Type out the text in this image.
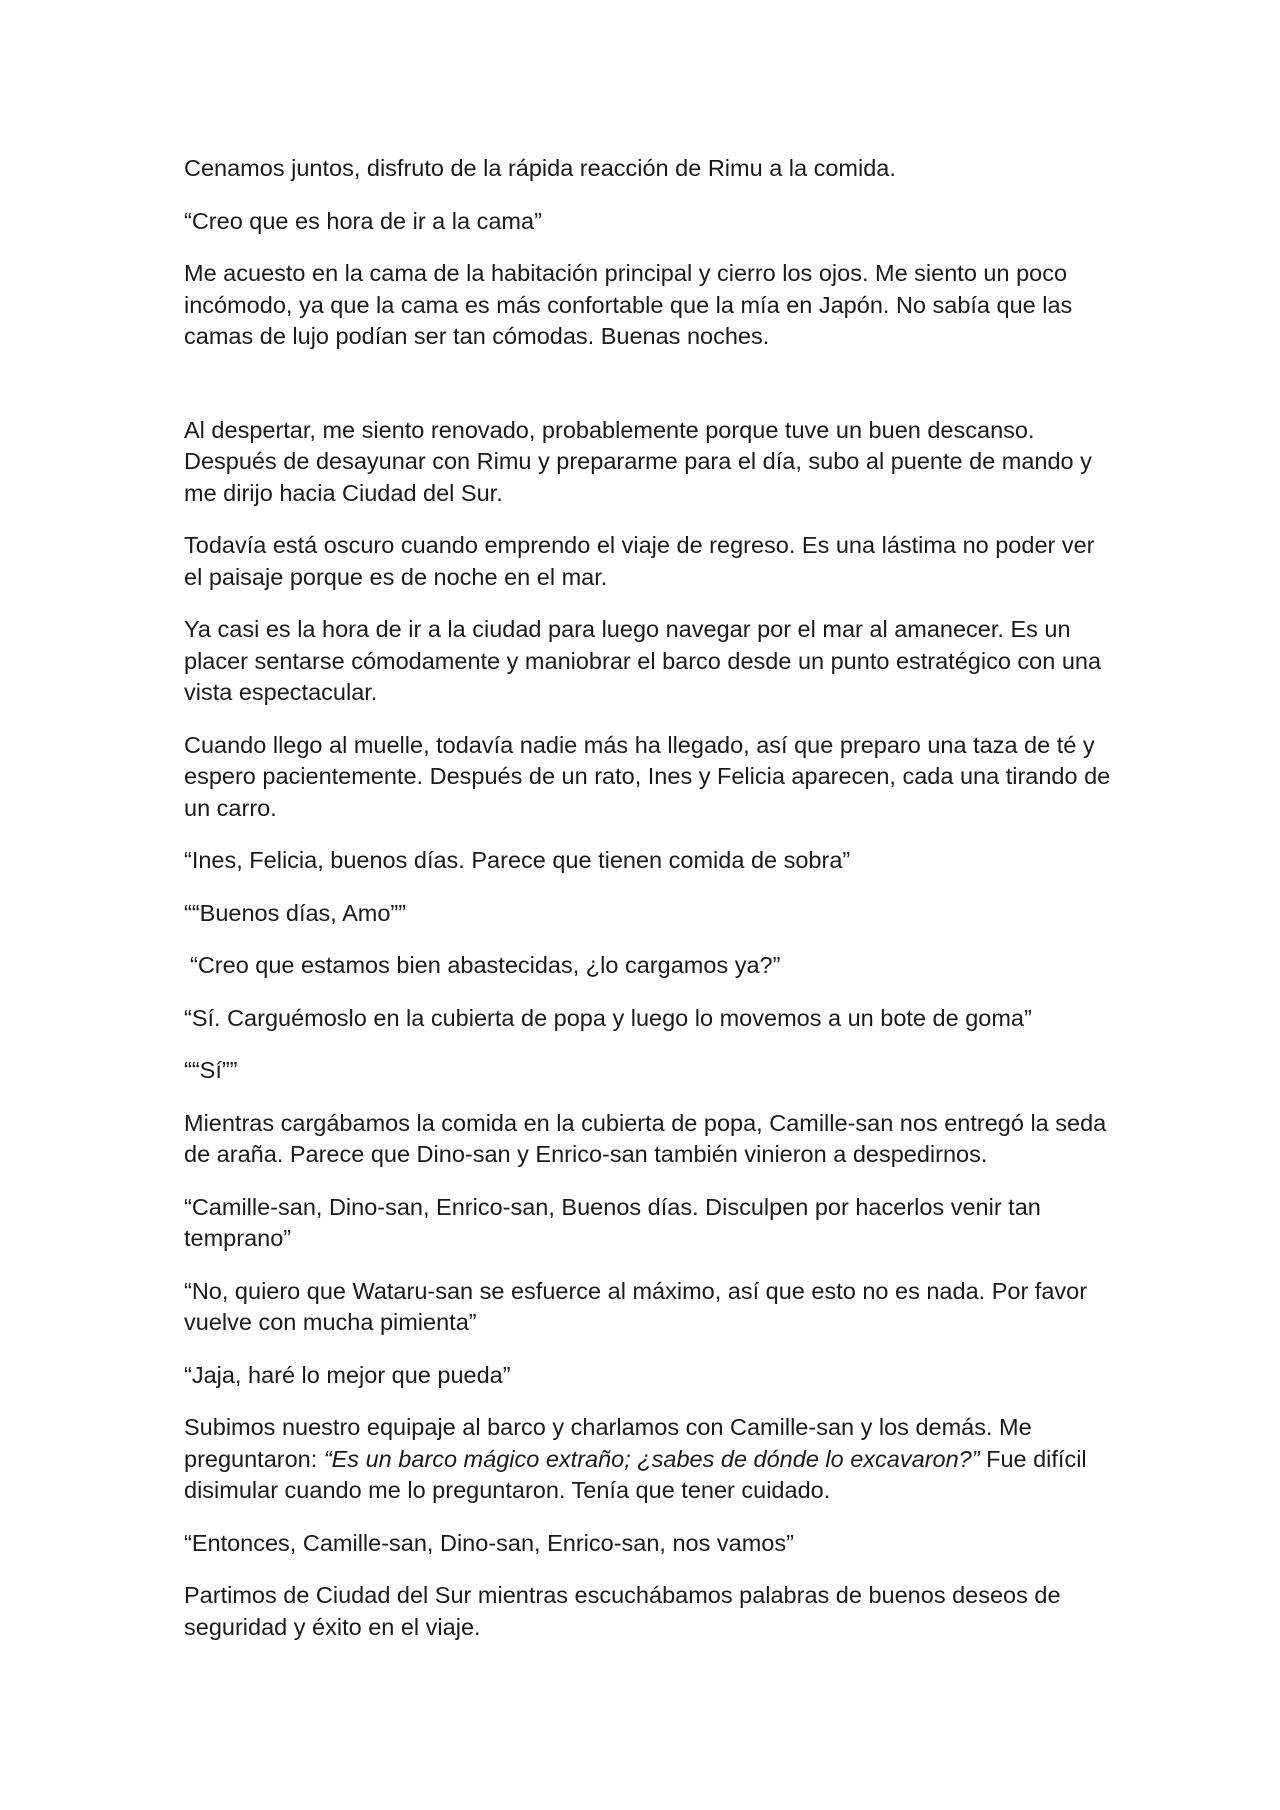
Cenamos juntos, disfruto de la rápida reacción de Rimu a la comida.

“Creo que es hora de ir a la cama”

Me acuesto en la cama de la habitación principal y cierro los ojos. Me siento un poco incómodo, ya que la cama es más confortable que la mía en Japón. No sabía que las camas de lujo podían ser tan cómodas. Buenas noches.

Al despertar, me siento renovado, probablemente porque tuve un buen descanso. Después de desayunar con Rimu y prepararme para el día, subo al puente de mando y me dirijo hacia Ciudad del Sur.

Todavía está oscuro cuando emprendo el viaje de regreso. Es una lástima no poder ver el paisaje porque es de noche en el mar.

Ya casi es la hora de ir a la ciudad para luego navegar por el mar al amanecer. Es un placer sentarse cómodamente y maniobrar el barco desde un punto estratégico con una vista espectacular.

Cuando llego al muelle, todavía nadie más ha llegado, así que preparo una taza de té y espero pacientemente. Después de un rato, Ines y Felicia aparecen, cada una tirando de un carro.

“Ines, Felicia, buenos días. Parece que tienen comida de sobra”

““Buenos días, Amo””

“Creo que estamos bien abastecidas, ¿lo cargamos ya?”

“Sí. Carguémoslo en la cubierta de popa y luego lo movemos a un bote de goma”

““Sí””

Mientras cargábamos la comida en la cubierta de popa, Camille-san nos entregó la seda de araña. Parece que Dino-san y Enrico-san también vinieron a despedirnos.

“Camille-san, Dino-san, Enrico-san, Buenos días. Disculpen por hacerlos venir tan temprano”

“No, quiero que Wataru-san se esfuerce al máximo, así que esto no es nada. Por favor vuelve con mucha pimienta”

“Jaja, haré lo mejor que pueda”

Subimos nuestro equipaje al barco y charlamos con Camille-san y los demás. Me preguntaron: “Es un barco mágico extraño; ¿sabes de dónde lo excavaron?” Fue difícil disimular cuando me lo preguntaron. Tenía que tener cuidado.

“Entonces, Camille-san, Dino-san, Enrico-san, nos vamos”

Partimos de Ciudad del Sur mientras escuchábamos palabras de buenos deseos de seguridad y éxito en el viaje.
